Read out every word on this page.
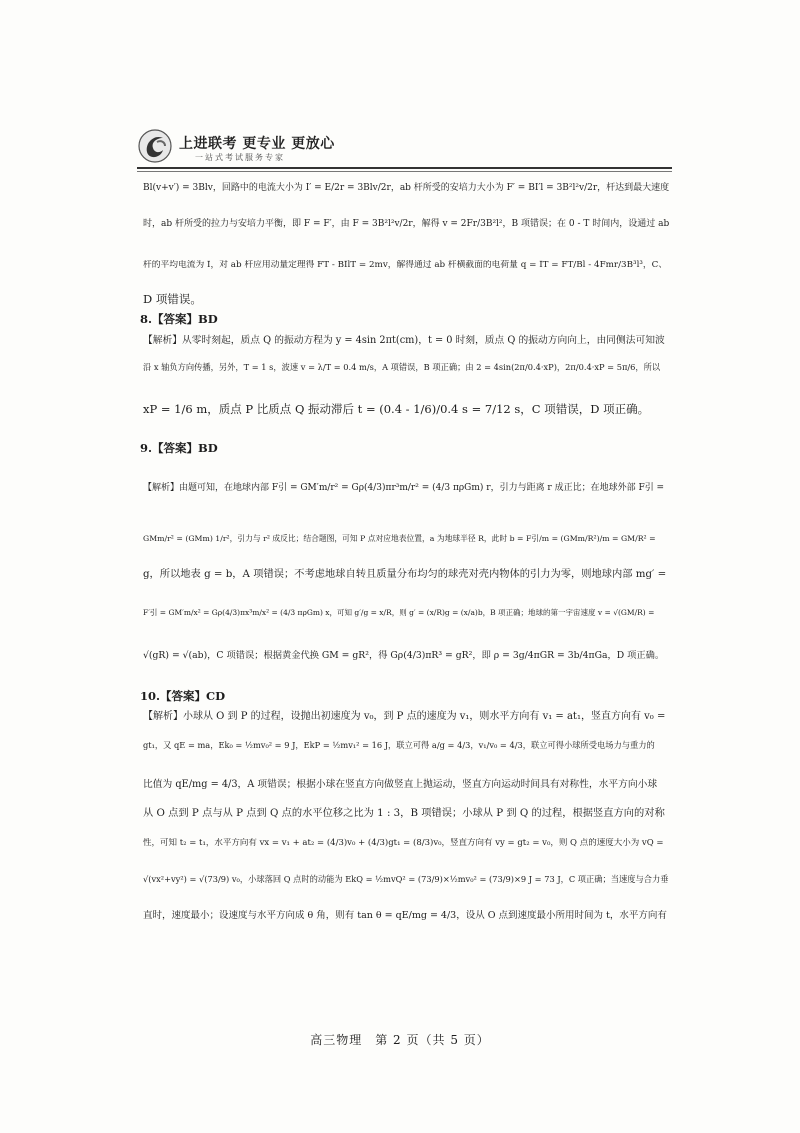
上进联考 更专业 更放心
一站式考试服务专家
Bl(v+v′) = 3Blv，回路中的电流大小为 I′ = E/2r = 3Blv/2r，ab 杆所受的安培力大小为 F′ = BI′l = 3B²l²v/2r，杆达到最大速度
时，ab 杆所受的拉力与安培力平衡，即 F = F′，由 F = 3B²l²v/2r，解得 v = 2Fr/3B²l²，B 项错误；在 0 - T 时间内，设通过 ab
杆的平均电流为 Ī，对 ab 杆应用动量定理得 FT - BĪlT = 2mv，解得通过 ab 杆横截面的电荷量 q = ĪT = FT/Bl - 4Fmr/3B³l³，C、
D 项错误。
8.【答案】BD
【解析】从零时刻起，质点 Q 的振动方程为 y = 4sin 2πt(cm)，t = 0 时刻，质点 Q 的振动方向向上，由同侧法可知波
沿 x 轴负方向传播，另外，T = 1 s，波速 v = λ/T = 0.4 m/s，A 项错误，B 项正确；由 2 = 4sin(2π/0.4·xP)，2π/0.4·xP = 5π/6，所以
xP = 1/6 m，质点 P 比质点 Q 振动滞后 t = (0.4 - 1/6)/0.4 s = 7/12 s，C 项错误，D 项正确。
9.【答案】BD
【解析】由题可知，在地球内部 F引 = GM′m/r² = Gρ(4/3)πr³m/r² = (4/3 πρGm) r，引力与距离 r 成正比；在地球外部 F引 =
GMm/r² = (GMm) 1/r²，引力与 r² 成反比；结合题图，可知 P 点对应地表位置，a 为地球半径 R，此时 b = F引/m = (GMm/R²)/m = GM/R² =
g，所以地表 g = b，A 项错误；不考虑地球自转且质量分布均匀的球壳对壳内物体的引力为零，则地球内部 mg′ =
F′引 = GM′m/x² = Gρ(4/3)πx³m/x² = (4/3 πρGm) x，可知 g′/g = x/R，则 g′ = (x/R)g = (x/a)b，B 项正确；地球的第一宇宙速度 v = √(GM/R) =
√(gR) = √(ab)，C 项错误；根据黄金代换 GM = gR²，得 Gρ(4/3)πR³ = gR²，即 ρ = 3g/4πGR = 3b/4πGa，D 项正确。
10.【答案】CD
【解析】小球从 O 到 P 的过程，设抛出初速度为 v₀，到 P 点的速度为 v₁，则水平方向有 v₁ = at₁，竖直方向有 v₀ =
gt₁，又 qE = ma，Ek₀ = ½mv₀² = 9 J，EkP = ½mv₁² = 16 J，联立可得 a/g = 4/3，v₁/v₀ = 4/3，联立可得小球所受电场力与重力的
比值为 qE/mg = 4/3，A 项错误；根据小球在竖直方向做竖直上抛运动，竖直方向运动时间具有对称性，水平方向小球
从 O 点到 P 点与从 P 点到 Q 点的水平位移之比为 1 : 3，B 项错误；小球从 P 到 Q 的过程，根据竖直方向的对称
性，可知 t₂ = t₁，水平方向有 vx = v₁ + at₂ = (4/3)v₀ + (4/3)gt₁ = (8/3)v₀，竖直方向有 vy = gt₂ = v₀，则 Q 点的速度大小为 vQ =
√(vx²+vy²) = √(73/9) v₀，小球落回 Q 点时的动能为 EkQ = ½mvQ² = (73/9)×½mv₀² = (73/9)×9 J = 73 J，C 项正确；当速度与合力垂
直时，速度最小；设速度与水平方向成 θ 角，则有 tan θ = qE/mg = 4/3，设从 O 点到速度最小所用时间为 t，水平方向有
高三物理　第 2 页（共 5 页）
